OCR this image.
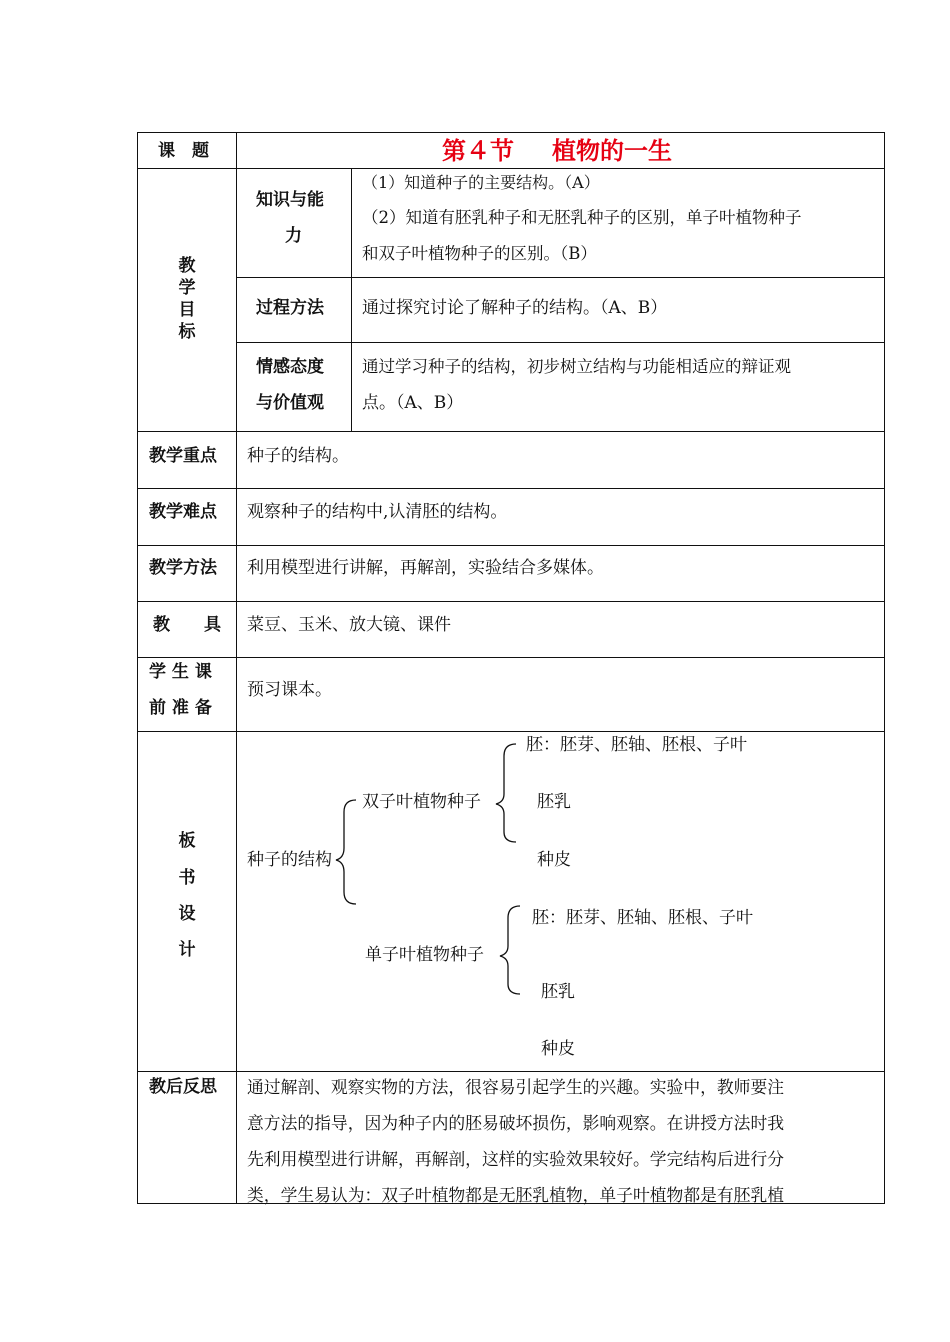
课　题	第４节 植物的一生
教
学
目
标
知识与能
力
（1）知道种子的主要结构。（A）
（2）知道有胚乳种子和无胚乳种子的区别，单子叶植物种子
和双子叶植物种子的区别。（B）
过程方法 通过探究讨论了解种子的结构。（A、B）
情感态度
与价值观
通过学习种子的结构，初步树立结构与功能相适应的辩证观
点。（A、B）
教学重点 种子的结构。
教学难点 观察种子的结构中,认清胚的结构。
教学方法 利用模型进行讲解，再解剖，实验结合多媒体。
教　　具 菜豆、玉米、放大镜、课件
学 生 课
前 准 备
预习课本。
板
书
设
计
种子的结构
双子叶植物种子
胚：胚芽、胚轴、胚根、子叶
胚乳
种皮
单子叶植物种子
胚：胚芽、胚轴、胚根、子叶
胚乳
种皮
教后反思 通过解剖、观察实物的方法，很容易引起学生的兴趣。实验中，教师要注
意方法的指导，因为种子内的胚易破坏损伤，影响观察。在讲授方法时我
先利用模型进行讲解，再解剖，这样的实验效果较好。学完结构后进行分
类，学生易认为：双子叶植物都是无胚乳植物，单子叶植物都是有胚乳植
